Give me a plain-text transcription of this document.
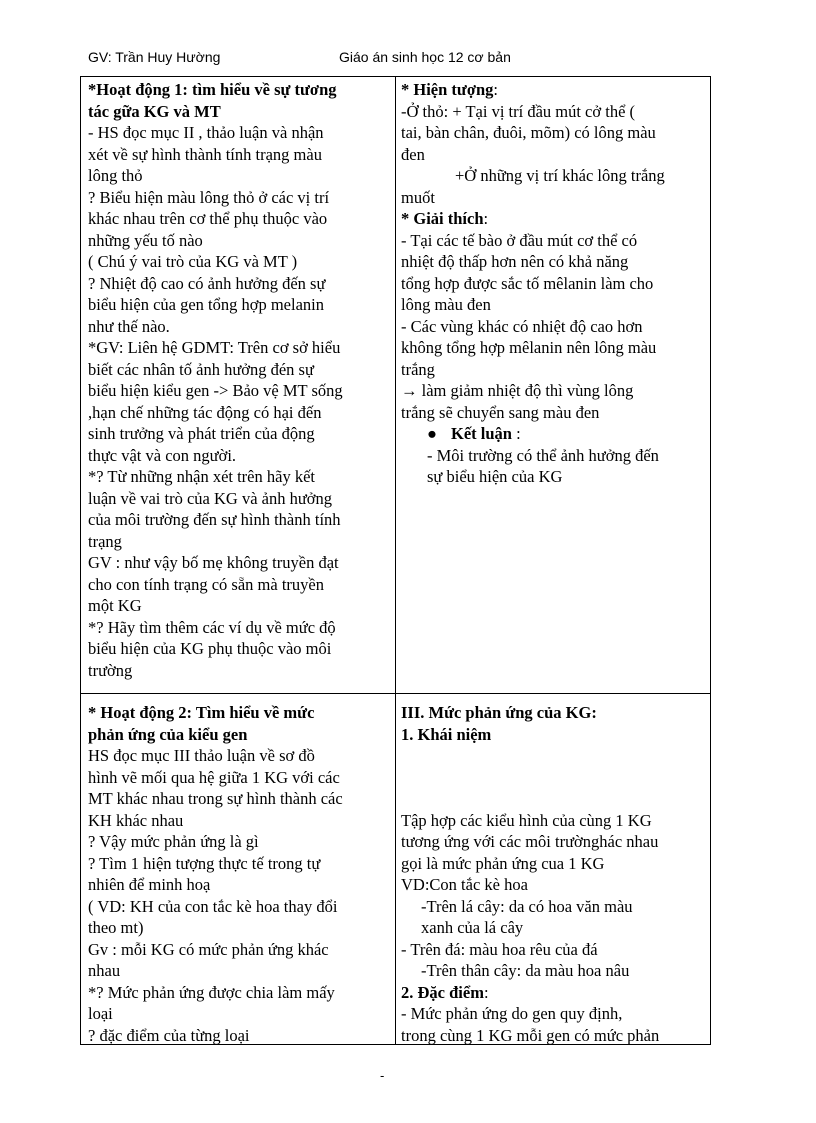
GV: Trần Huy Hường	Giáo án sinh học 12 cơ bản
*Hoạt động 1: tìm hiểu về sự tương
tác gữa KG và MT
- HS đọc mục II , thảo luận và nhận
xét về sự hình thành tính trạng màu
lông thỏ
? Biểu hiện màu lông thỏ ở các vị trí
khác nhau trên cơ thể phụ thuộc vào
những yếu tố nào
( Chú ý vai trò của KG và MT )
? Nhiệt độ cao có ảnh hưởng đến sự
biểu hiện của gen tổng hợp melanin
như thế nào.
*GV: Liên hệ GDMT: Trên cơ sở hiểu
biết các nhân tố ảnh hưởng đén sự
biểu hiện kiểu gen -> Bảo vệ MT sống
,hạn chế những tác động có hại đến
sinh trưởng và phát triển của động
thực vật và con người.
*? Từ những nhận xét trên hãy kết
luận về vai trò của KG và ảnh hưởng
của môi trường đến sự hình thành tính
trạng
GV : như vậy bố mẹ không truyền đạt
cho con tính trạng có sẵn mà truyền
một KG
*? Hãy tìm thêm các ví dụ về mức độ
biểu hiện của KG phụ thuộc vào môi
trường
* Hiện tượng:
-Ở thỏ: + Tại vị trí đầu mút cở thể (
tai, bàn chân, đuôi, mõm) có lông màu
đen
+Ở những vị trí khác lông trắng
muốt
* Giải thích:
- Tại các tế bào ở đầu mút cơ thể có
nhiệt độ thấp hơn nên có khả năng
tổng hợp được sắc tố mêlanin làm cho
lông màu đen
- Các vùng khác có nhiệt độ cao hơn
không tổng hợp mêlanin nên lông màu
trắng
→ làm giảm nhiệt độ thì vùng lông
trắng sẽ chuyển sang màu đen
● Kết luận :
- Môi trường có thể ảnh hưởng đến
sự biểu hiện của KG
* Hoạt động 2: Tìm hiểu về mức
phản ứng của kiểu gen
HS đọc mục III thảo luận về sơ đồ
hình vẽ mối qua hệ giữa 1 KG với các
MT khác nhau trong sự hình thành các
KH khác nhau
? Vậy mức phản ứng là gì
? Tìm 1 hiện tượng thực tế trong tự
nhiên để minh hoạ
( VD: KH của con tắc kè hoa thay đổi
theo mt)
Gv : mỗi KG có mức phản ứng khác
nhau
*? Mức phản ứng được chia làm mấy
loại
? đặc điểm của từng loại
III. Mức phản ứng của KG:
1. Khái niệm
Tập hợp các kiểu hình của cùng 1 KG
tương ứng với các môi trườnghác nhau
gọi là mức phản ứng cua 1 KG
VD:Con tắc kè hoa
-Trên lá cây: da có hoa văn màu
xanh của lá cây
- Trên đá: màu hoa rêu của đá
-Trên thân cây: da màu hoa nâu
2. Đặc điểm:
- Mức phản ứng do gen quy định,
trong cùng 1 KG mỗi gen có mức phản
-
